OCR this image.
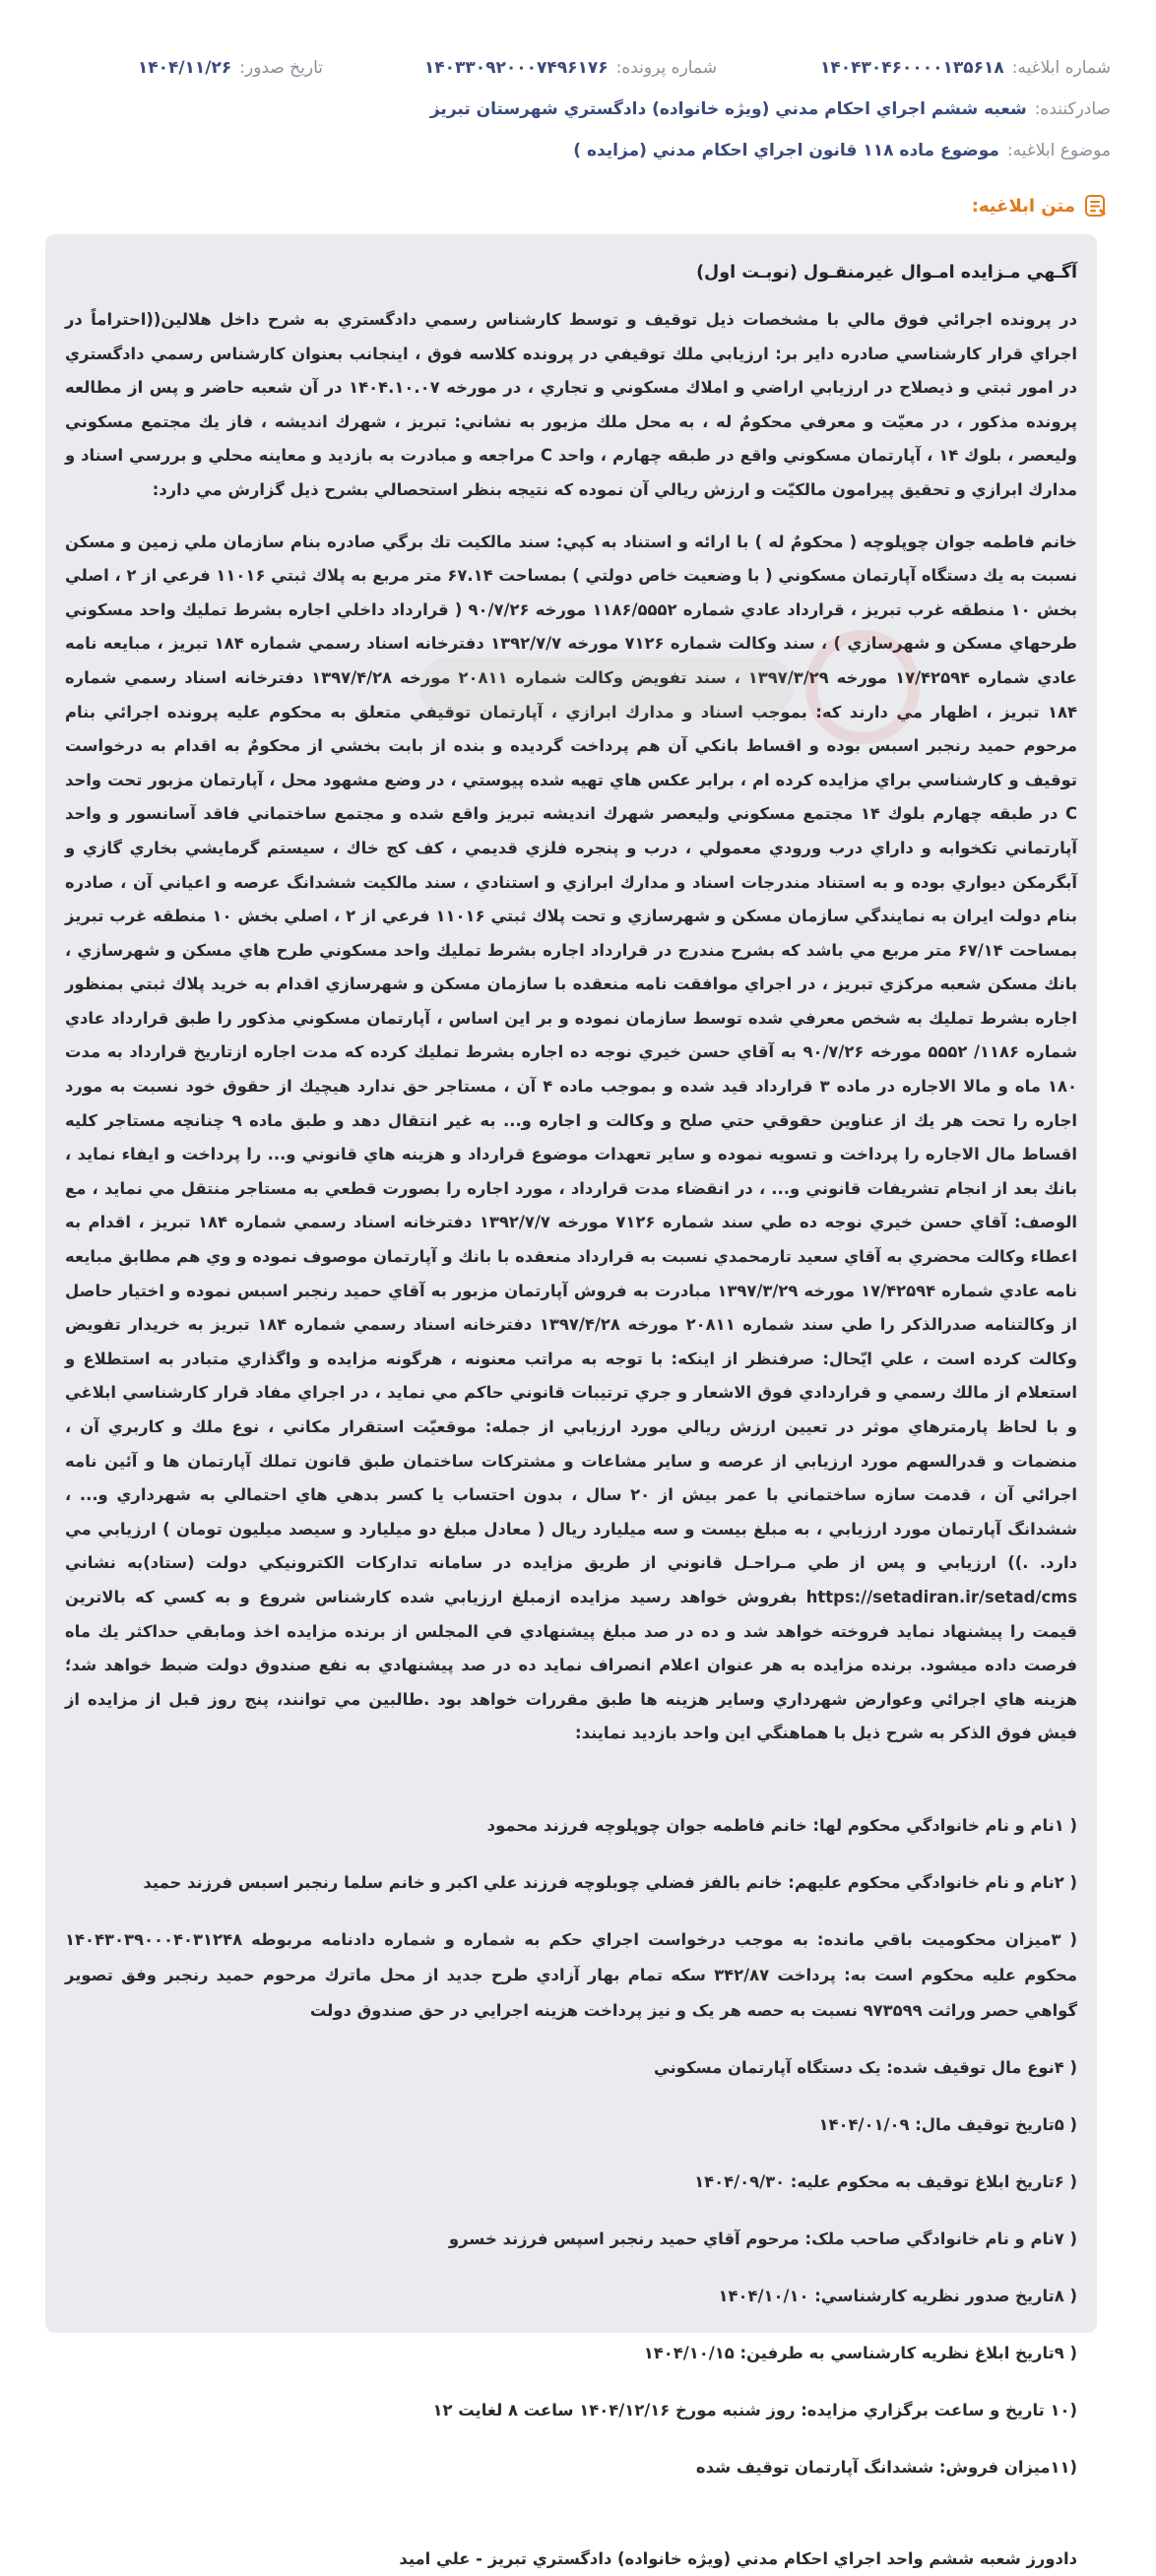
شماره ابلاغیه:
۱۴۰۴۳۰۴۶۰۰۰۰۱۳۵۶۱۸
شماره پرونده:
۱۴۰۳۳۰۹۲۰۰۰۷۴۹۶۱۷۶
تاریخ صدور:
۱۴۰۴/۱۱/۲۶
صادرکننده:
شعبه ششم اجراي احكام مدني (ويژه خانواده) دادگستري شهرستان تبريز
موضوع ابلاغیه:
موضوع ماده ۱۱۸ قانون اجراي احكام مدني (مزايده )
متن ابلاغیه:
آگـهي مـزايده امـوال غيرمنقـول (نوبـت اول)

در پرونده اجرائي فوق مالي با مشخصات ذيل توقيف و توسط كارشناس رسمي دادگستري به شرح داخل هلالين((احتراماً در اجراي قرار كارشناسي صادره داير بر: ارزيابي ملك توقيفي در پرونده كلاسه فوق ، اينجانب بعنوان كارشناس رسمي دادگستري در امور ثبتي و ذيصلاح در ارزيابي اراضي و املاك مسكوني و تجاري ، در مورخه ۱۴۰۴.۱۰.۰۷ در آن شعبه حاضر و پس از مطالعه پرونده مذكور ، در معيّت و معرفي محكومٌ له ، به محل ملك مزبور به نشاني: تبريز ، شهرك انديشه ، فاز يك مجتمع مسكوني وليعصر ، بلوك ۱۴ ، آپارتمان مسكوني واقع در طبقه چهارم ، واحد C مراجعه و مبادرت به بازديد و معاينه محلي و بررسي اسناد و مدارك ابرازي و تحقيق پيرامون مالكيّت و ارزش ريالي آن نموده كه نتيجه بنظر استحصالي بشرح ذيل گزارش مي دارد:

خانم فاطمه جوان چوپلوچه ( محكومٌ له ) با ارائه و استناد به كپي: سند مالكيت تك برگي صادره بنام سازمان ملي زمين و مسكن نسبت به يك دستگاه آپارتمان مسكوني ( با وضعيت خاص دولتي ) بمساحت ۶۷.۱۴ متر مربع به پلاك ثبتي ۱۱۰۱۶ فرعي از ۲ ، اصلي بخش ۱۰ منطقه غرب تبريز ، قرارداد عادي شماره ۱۱۸۶/۵۵۵۲ مورخه ۹۰/۷/۲۶ ( قرارداد داخلي اجاره بشرط تمليك واحد مسكوني طرحهاي مسكن و شهرسازي ) ، سند وكالت شماره ۷۱۲۶ مورخه ۱۳۹۲/۷/۷ دفترخانه اسناد رسمي شماره ۱۸۴ تبريز ، مبايعه نامه عادي شماره ۱۷/۴۲۵۹۴ مورخه ۱۳۹۷/۳/۲۹ ، سند تفويض وكالت شماره ۲۰۸۱۱ مورخه ۱۳۹۷/۴/۲۸ دفترخانه اسناد رسمي شماره ۱۸۴ تبريز ، اظهار مي دارند كه: بموجب اسناد و مدارك ابرازي ، آپارتمان توقيفي متعلق به محكوم عليه پرونده اجرائي بنام مرحوم حميد رنجبر اسبس بوده و اقساط بانكي آن هم پرداخت گرديده و بنده از بابت بخشي از محكومٌ به اقدام به درخواست توقيف و كارشناسي براي مزايده كرده ام ، برابر عكس هاي تهيه شده پيوستي ، در وضع مشهود محل ، آپارتمان مزبور تحت واحد C در طبقه چهارم بلوك ۱۴ مجتمع مسكوني وليعصر شهرك انديشه تبريز واقع شده و مجتمع ساختماني فاقد آسانسور و واحد آپارتماني تكخوابه و داراي درب ورودي معمولي ، درب و پنجره فلزي قديمي ، كف كج خاك ، سيستم گرمايشي بخاري گازي و آبگرمكن ديواري بوده و به استناد مندرجات اسناد و مدارك ابرازي و استنادي ، سند مالكيت ششدانگ عرصه و اعياني آن ، صادره بنام دولت ايران به نمايندگي سازمان مسكن و شهرسازي و تحت پلاك ثبتي ۱۱۰۱۶ فرعي از ۲ ، اصلي بخش ۱۰ منطقه غرب تبريز بمساحت ۶۷/۱۴ متر مربع مي باشد كه بشرح مندرج در قرارداد اجاره بشرط تمليك واحد مسكوني طرح هاي مسكن و شهرسازي ، بانك مسكن شعبه مركزي تبريز ، در اجراي موافقت نامه منعقده با سازمان مسكن و شهرسازي اقدام به خريد پلاك ثبتي بمنظور اجاره بشرط تمليك به شخص معرفي شده توسط سازمان نموده و بر اين اساس ، آپارتمان مسكوني مذكور را طبق قرارداد عادي شماره ۱۱۸۶/ ۵۵۵۲ مورخه ۹۰/۷/۲۶ به آقاي حسن خيري نوجه ده اجاره بشرط تمليك كرده كه مدت اجاره ازتاريخ قرارداد به مدت ۱۸۰ ماه و مالا الاجاره در ماده ۳ قرارداد قيد شده و بموجب ماده ۴ آن ، مستاجر حق ندارد هيچيك از حقوق خود نسبت به مورد اجاره را تحت هر يك از عناوين حقوقي حتي صلح و وكالت و اجاره و... به غير انتقال دهد و طبق ماده ۹ چنانچه مستاجر كليه اقساط مال الاجاره را پرداخت و تسويه نموده و ساير تعهدات موضوع قرارداد و هزينه هاي قانوني و... را پرداخت و ايفاء نمايد ، بانك بعد از انجام تشريفات قانوني و... ، در انقضاء مدت قرارداد ، مورد اجاره را بصورت قطعي به مستاجر منتقل مي نمايد ، مع الوصف: آقاي حسن خيري نوجه ده طي سند شماره ۷۱۲۶ مورخه ۱۳۹۲/۷/۷ دفترخانه اسناد رسمي شماره ۱۸۴ تبريز ، اقدام به اعطاء وكالت محضري به آقاي سعيد تارمحمدي نسبت به قرارداد منعقده با بانك و آپارتمان موصوف نموده و وي هم مطابق مبايعه نامه عادي شماره ۱۷/۴۲۵۹۴ مورخه ۱۳۹۷/۳/۲۹ مبادرت به فروش آپارتمان مزبور به آقاي حميد رنجبر اسبس نموده و اختيار حاصل از وكالتنامه صدرالذكر را طي سند شماره ۲۰۸۱۱ مورخه ۱۳۹۷/۴/۲۸ دفترخانه اسناد رسمي شماره ۱۸۴ تبريز به خريدار تفويض وكالت كرده است ، علي ايّحال: صرفنظر از اينكه: با توجه به مراتب معنونه ، هرگونه مزايده و واگذاري متبادر به استطلاع و استعلام از مالك رسمي و قراردادي فوق الاشعار و جري ترتيبات قانوني حاكم مي نمايد ، در اجراي مفاد قرار كارشناسي ابلاغي و با لحاظ پارمترهاي موثر در تعيين ارزش ريالي مورد ارزيابي از جمله: موقعيّت استقرار مكاني ، نوع ملك و كاربري آن ، منضمات و قدرالسهم مورد ارزيابي از عرصه و ساير مشاعات و مشتركات ساختمان طبق قانون تملك آپارتمان ها و آئين نامه اجرائي آن ، قدمت سازه ساختماني با عمر بيش از ۲۰ سال ، بدون احتساب يا كسر بدهي هاي احتمالي به شهرداري و... ، ششدانگ آپارتمان مورد ارزيابي ، به مبلغ بيست و سه ميليارد ريال ( معادل مبلغ دو ميليارد و سيصد ميليون تومان ) ارزيابي مي دارد. .)) ارزيابي و پس از طي مـراحـل قانوني از طريق مزايده در سامانه تداركات الكترونيكي دولت (ستاد)به نشاني https://setadiran.ir/setad/cms بفروش خواهد رسيد مزايده ازمبلغ ارزيابي شده كارشناس شروع و به كسي كه بالاترين قيمت را پيشنهاد نمايد فروخته خواهد شد و ده در صد مبلغ پيشنهادي في المجلس از برنده مزايده اخذ ومابقي حداكثر يك ماه فرصت داده ميشود. برنده مزايده به هر عنوان اعلام انصراف نمايد ده در صد پيشنهادي به نفع صندوق دولت ضبط خواهد شد؛ هزينه هاي اجرائي وعوارض شهرداري وساير هزينه ها طبق مقررات خواهد بود .طالبين مي توانند، پنج روز قبل از مزايده از فيش فوق الذكر به شرح ذيل با هماهنگي اين واحد بازديد نمايند:

( ۱نام و نام خانوادگي محكوم لها: خانم فاطمه جوان چوپلوچه فرزند محمود

( ۲نام و نام خانوادگي محكوم عليهم: خانم بالفز فضلي چوبلوچه فرزند علي اكبر و خانم سلما رنجبر اسبس فرزند حميد

( ۳ميزان محكوميت باقي مانده: به موجب درخواست اجراي حكم به شماره و شماره دادنامه مربوطه ۱۴۰۴۳۰۳۹۰۰۰۴۰۳۱۲۴۸ محكوم عليه محكوم است به: پرداخت ۳۴۲/۸۷ سكه تمام بهار آزادي طرح جديد از محل ماترك مرحوم حميد رنجبر وفق تصوير گواهي حصر وراثت ۹۷۳۵۹۹ نسبت به حصه هر يک و نيز پرداخت هزينه اجرايي در حق صندوق دولت

( ۴نوع مال توقيف شده: يک دستگاه آپارتمان مسکوني

( ۵تاريخ توقيف مال: ۱۴۰۴/۰۱/۰۹

( ۶تاريخ ابلاغ توقيف به محكوم عليه: ۱۴۰۴/۰۹/۳۰

( ۷نام و نام خانوادگي صاحب ملک: مرحوم آقاي حميد رنجبر اسپس فرزند خسرو

( ۸تاريخ صدور نظريه كارشناسي: ۱۴۰۴/۱۰/۱۰

( ۹تاريخ ابلاغ نظريه كارشناسي به طرفين: ۱۴۰۴/۱۰/۱۵

(۱۰ تاريخ و ساعت برگزاري مزايده: روز شنبه مورخ ۱۴۰۴/۱۲/۱۶ ساعت ۸ لغايت ۱۲

(۱۱ميزان فروش: ششدانگ آپارتمان توقيف شده

دادورز شعبه ششم واحد اجراي احكام مدني (ويژه خانواده) دادگستري تبريز - علي اميد
